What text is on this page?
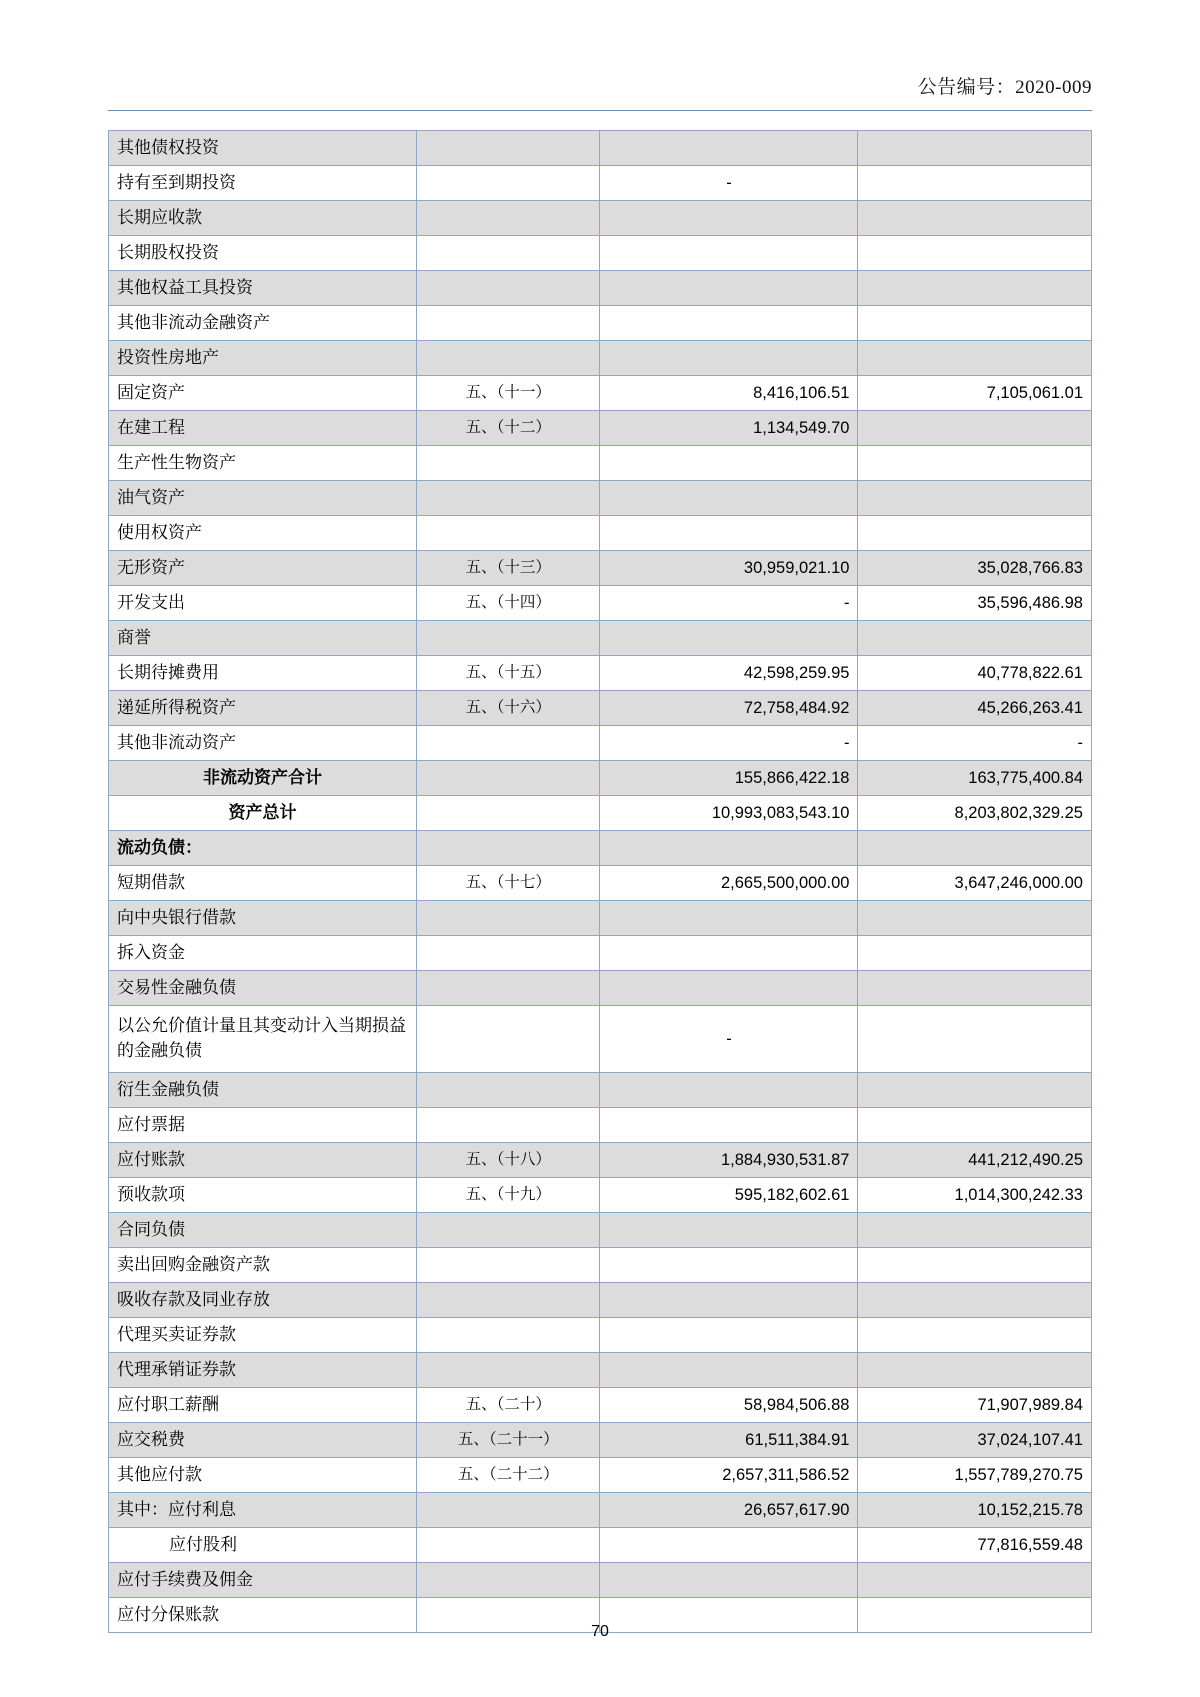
公告编号：2020-009
其他债权投资			
持有至到期投资		-	
长期应收款			
长期股权投资			
其他权益工具投资			
其他非流动金融资产			
投资性房地产			
固定资产	五、（十一）	8,416,106.51	7,105,061.01
在建工程	五、（十二）	1,134,549.70	
生产性生物资产			
油气资产			
使用权资产			
无形资产	五、（十三）	30,959,021.10	35,028,766.83
开发支出	五、（十四）	-	35,596,486.98
商誉			
长期待摊费用	五、（十五）	42,598,259.95	40,778,822.61
递延所得税资产	五、（十六）	72,758,484.92	45,266,263.41
其他非流动资产		-	-
非流动资产合计		155,866,422.18	163,775,400.84
资产总计		10,993,083,543.10	8,203,802,329.25
流动负债：			
短期借款	五、（十七）	2,665,500,000.00	3,647,246,000.00
向中央银行借款			
拆入资金			
交易性金融负债			
以公允价值计量且其变动计入当期损益的金融负债		-	
衍生金融负债			
应付票据			
应付账款	五、（十八）	1,884,930,531.87	441,212,490.25
预收款项	五、（十九）	595,182,602.61	1,014,300,242.33
合同负债			
卖出回购金融资产款			
吸收存款及同业存放			
代理买卖证券款			
代理承销证券款			
应付职工薪酬	五、（二十）	58,984,506.88	71,907,989.84
应交税费	五、（二十一）	61,511,384.91	37,024,107.41
其他应付款	五、（二十二）	2,657,311,586.52	1,557,789,270.75
其中：应付利息		26,657,617.90	10,152,215.78
应付股利			77,816,559.48
应付手续费及佣金			
应付分保账款			
70
